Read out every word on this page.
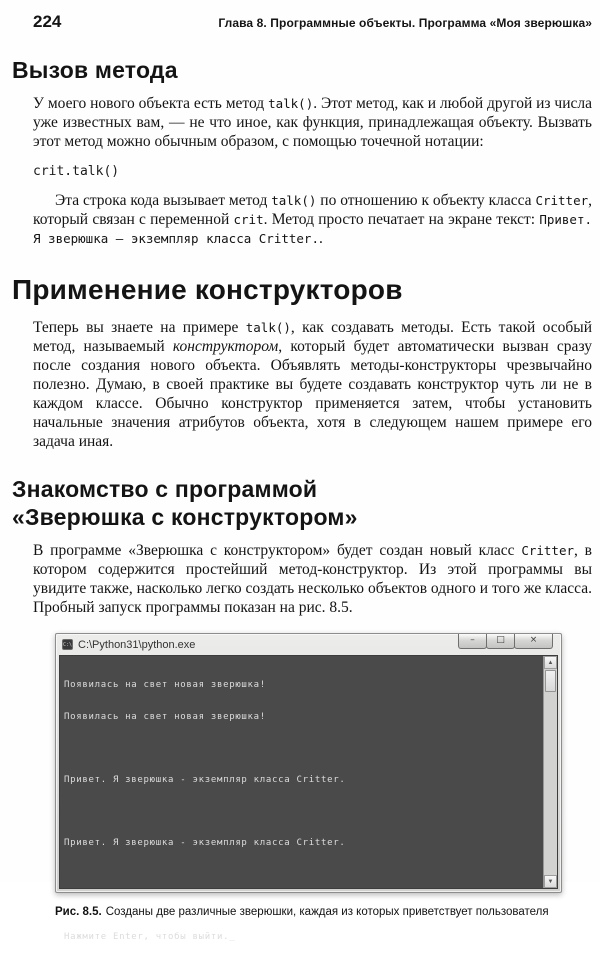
224	Глава 8. Программные объекты. Программа «Моя зверюшка»
Вызов метода

У моего нового объекта есть метод talk(). Этот метод, как и любой другой из числа уже известных вам, — не что иное, как функция, принадлежащая объекту. Вызвать этот метод можно обычным образом, с помощью точечной нотации:

crit.talk()

Эта строка кода вызывает метод talk() по отношению к объекту класса Critter, который связан с переменной crit. Метод просто печатает на экране текст: Привет. Я зверюшка — экземпляр класса Critter..

Применение конструкторов

Теперь вы знаете на примере talk(), как создавать методы. Есть такой особый метод, называемый конструктором, который будет автоматически вызван сразу после создания нового объекта. Объявлять методы-конструкторы чрезвычайно полезно. Думаю, в своей практике вы будете создавать конструктор чуть ли не в каждом классе. Обычно конструктор применяется затем, чтобы установить начальные значения атрибутов объекта, хотя в следующем нашем примере его задача иная.

Знакомство с программой
«Зверюшка с конструктором»

В программе «Зверюшка с конструктором» будет создан новый класс Critter, в котором содержится простейший метод-конструктор. Из этой программы вы увидите также, насколько легко создать несколько объектов одного и того же класса. Пробный запуск программы показан на рис. 8.5.

C:\ C:\Python31\python.exe	–	□	×

Появилась на свет новая зверюшка!

Появилась на свет новая зверюшка!

Привет. Я зверюшка - экземпляр класса Critter.

Привет. Я зверюшка - экземпляр класса Critter.

Нажмите Enter, чтобы выйти._

▲
▼

Рис. 8.5. Созданы две различные зверюшки, каждая из которых приветствует пользователя
